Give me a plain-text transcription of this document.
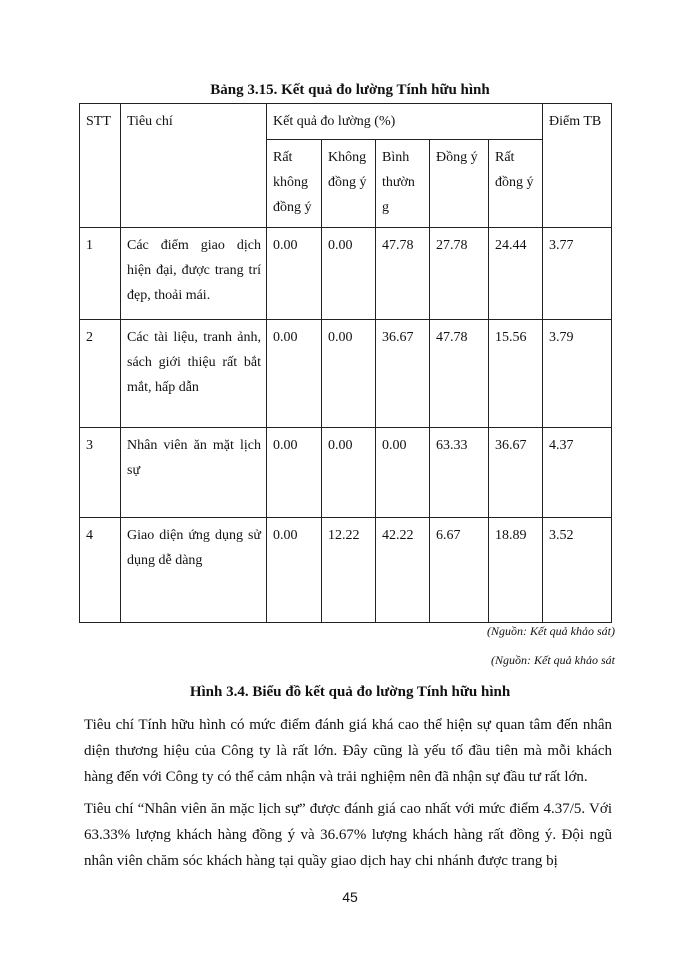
Bảng 3.15. Kết quả đo lường Tính hữu hình
STT	Tiêu chí	Kết quả đo lường (%)					Điểm TB
		Rất không đồng ý	Không đồng ý	Bình thườn g	Đồng ý	Rất đồng ý	
1	Các điểm giao dịch hiện đại, được trang trí đẹp, thoải mái.	0.00	0.00	47.78	27.78	24.44	3.77
2	Các tài liệu, tranh ảnh, sách giới thiệu rất bắt mắt, hấp dẫn	0.00	0.00	36.67	47.78	15.56	3.79
3	Nhân viên ăn mặt lịch sự	0.00	0.00	0.00	63.33	36.67	4.37
4	Giao diện ứng dụng sử dụng dễ dàng	0.00	12.22	42.22	6.67	18.89	3.52
(Nguồn: Kết quả khảo sát)
(Nguồn: Kết quả khảo sát
Hình 3.4. Biểu đồ kết quả đo lường Tính hữu hình

Tiêu chí Tính hữu hình có mức điểm đánh giá khá cao thể hiện sự quan tâm đến nhân diện thương hiệu của Công ty là rất lớn. Đây cũng là yếu tố đầu tiên mà mỗi khách hàng đến với Công ty có thể cảm nhận và trải nghiệm nên đã nhận sự đầu tư rất lớn.

Tiêu chí “Nhân viên ăn mặc lịch sự” được đánh giá cao nhất với mức điểm 4.37/5. Với 63.33% lượng khách hàng đồng ý và 36.67% lượng khách hàng rất đồng ý. Đội ngũ nhân viên chăm sóc khách hàng tại quầy giao dịch hay chi nhánh được trang bị

45
